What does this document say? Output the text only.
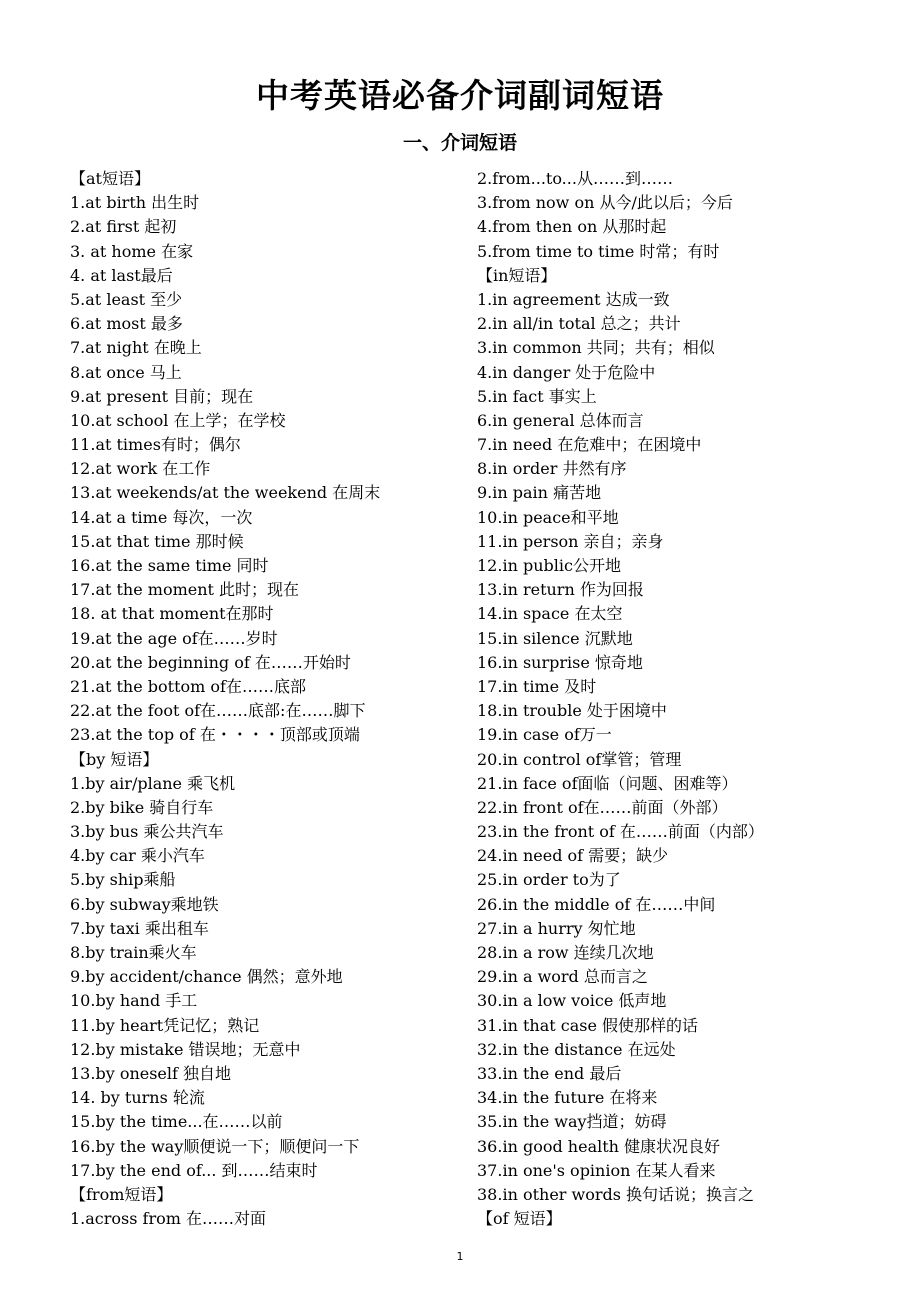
中考英语必备介词副词短语
一、介词短语
【at短语】
1.at birth 出生时
2.at first 起初
3. at home 在家
4. at last最后
5.at least 至少
6.at most 最多
7.at night 在晚上
8.at once 马上
9.at present 目前；现在
10.at school 在上学；在学校
11.at times有时；偶尔
12.at work 在工作
13.at weekends/at the weekend 在周末
14.at a time 每次，一次
15.at that time 那时候
16.at the same time 同时
17.at the moment 此时；现在
18. at that moment在那时
19.at the age of在……岁时
20.at the beginning of 在……开始时
21.at the bottom of在……底部
22.at the foot of在……底部:在……脚下
23.at the top of 在・・・・顶部或顶端
【by 短语】
1.by air/plane 乘飞机
2.by bike 骑自行车
3.by bus 乘公共汽车
4.by car 乘小汽车
5.by ship乘船
6.by subway乘地铁
7.by taxi 乘出租车
8.by train乘火车
9.by accident/chance 偶然；意外地
10.by hand 手工
11.by heart凭记忆；熟记
12.by mistake 错误地；无意中
13.by oneself 独自地
14. by turns 轮流
15.by the time...在……以前
16.by the way顺便说一下；顺便问一下
17.by the end of... 到……结束时
【from短语】
1.across from 在……对面
2.from...to...从……到……
3.from now on 从今/此以后；今后
4.from then on 从那时起
5.from time to time 时常；有时
【in短语】
1.in agreement 达成一致
2.in all/in total 总之；共计
3.in common 共同；共有；相似
4.in danger 处于危险中
5.in fact 事实上
6.in general 总体而言
7.in need 在危难中；在困境中
8.in order 井然有序
9.in pain 痛苦地
10.in peace和平地
11.in person 亲自；亲身
12.in public公开地
13.in return 作为回报
14.in space 在太空
15.in silence 沉默地
16.in surprise 惊奇地
17.in time 及时
18.in trouble 处于困境中
19.in case of万一
20.in control of掌管；管理
21.in face of面临（问题、困难等）
22.in front of在……前面（外部）
23.in the front of 在……前面（内部）
24.in need of 需要；缺少
25.in order to为了
26.in the middle of 在……中间
27.in a hurry 匆忙地
28.in a row 连续几次地
29.in a word 总而言之
30.in a low voice 低声地
31.in that case 假使那样的话
32.in the distance 在远处
33.in the end 最后
34.in the future 在将来
35.in the way挡道；妨碍
36.in good health 健康状况良好
37.in one's opinion 在某人看来
38.in other words 换句话说；换言之
【of 短语】
1
